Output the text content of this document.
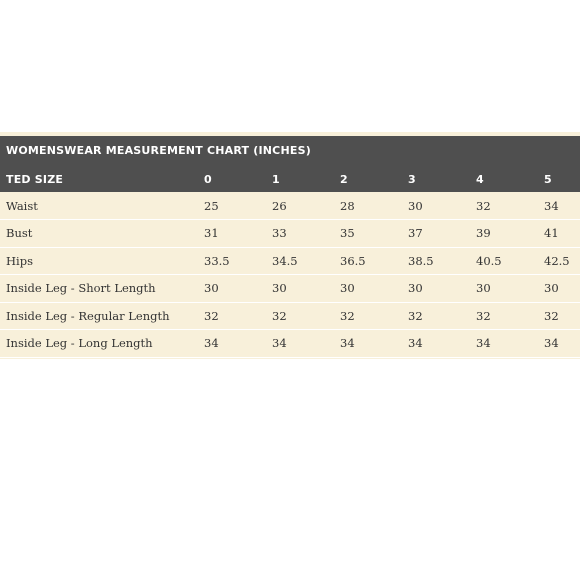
WOMENSWEAR MEASUREMENT CHART (INCHES)
TED SIZE	0	1	2	3	4	5
Waist	25	26	28	30	32	34
Bust	31	33	35	37	39	41
Hips	33.5	34.5	36.5	38.5	40.5	42.5
Inside Leg - Short Length	30	30	30	30	30	30
Inside Leg - Regular Length	32	32	32	32	32	32
Inside Leg - Long Length	34	34	34	34	34	34
